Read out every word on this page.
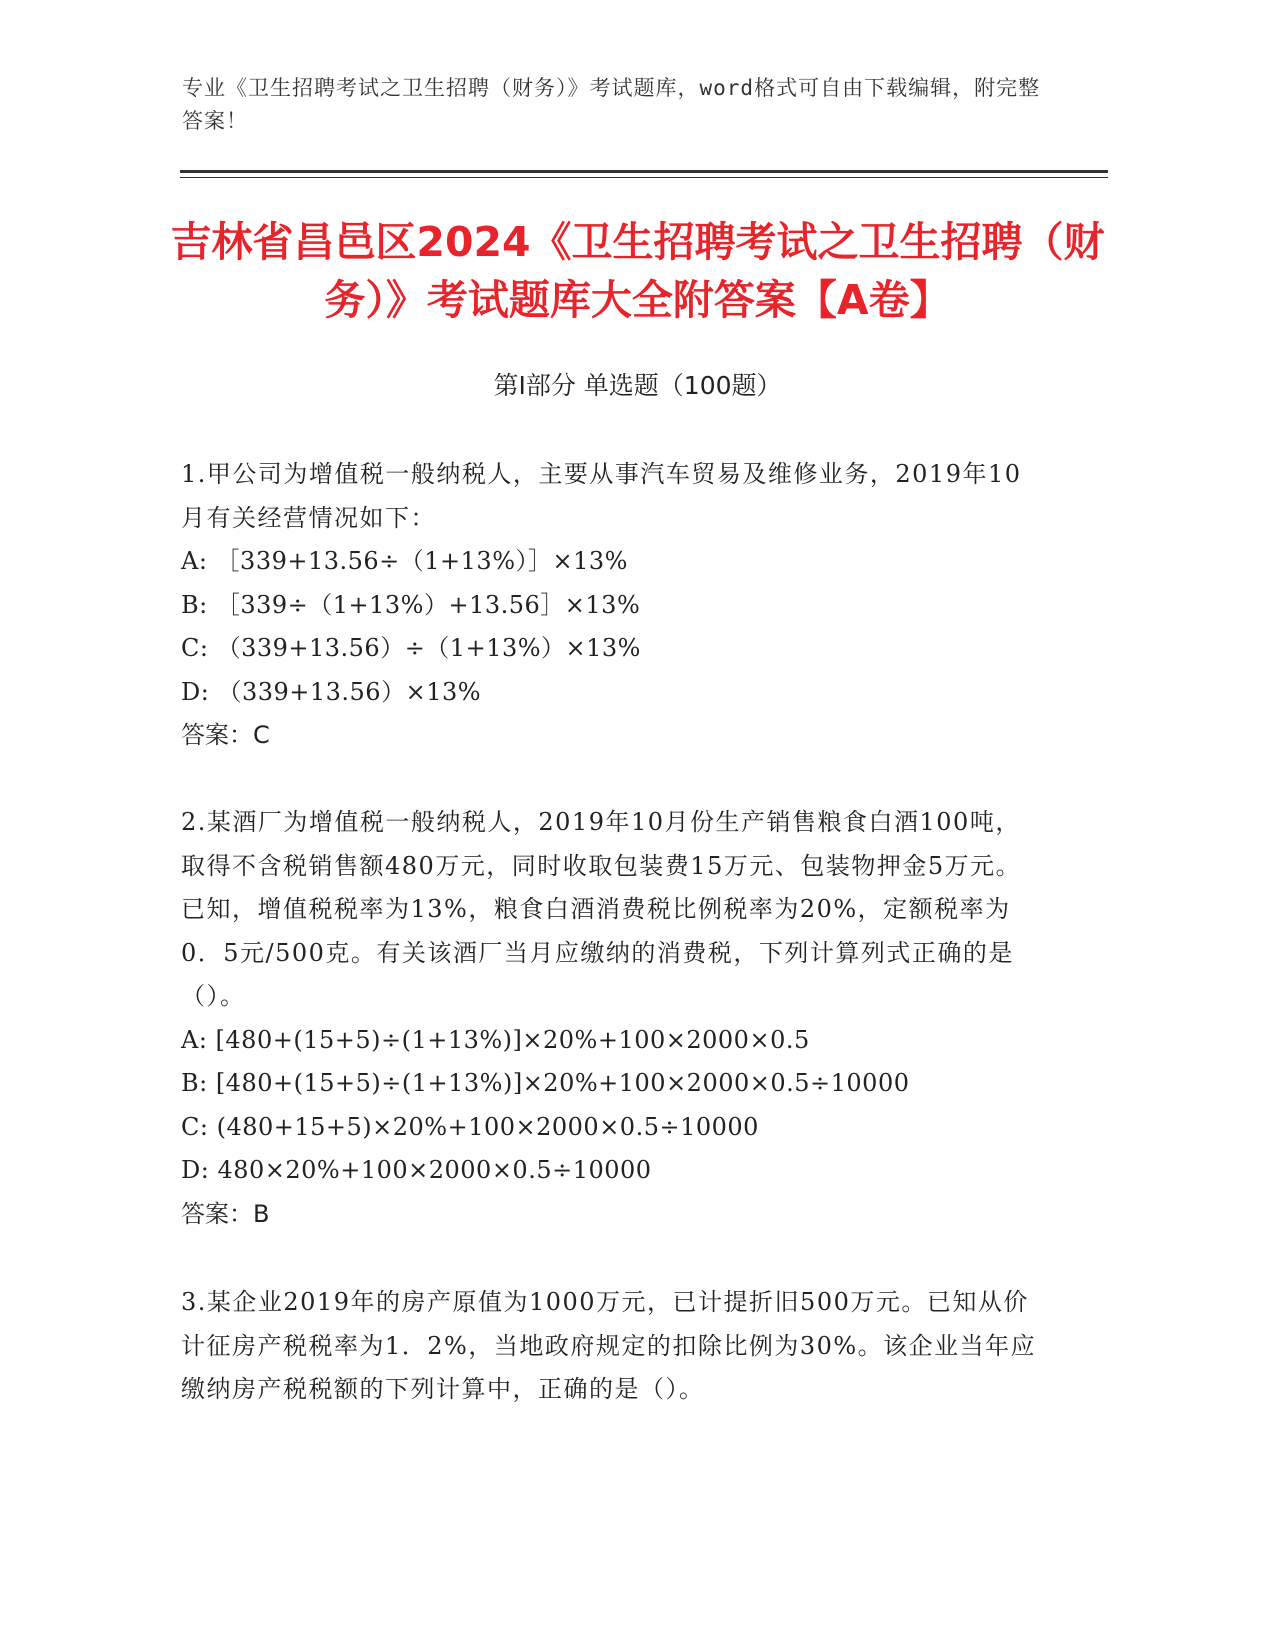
专业《卫生招聘考试之卫生招聘（财务）》考试题库，word格式可自由下载编辑，附完整答案！
吉林省昌邑区2024《卫生招聘考试之卫生招聘（财务）》考试题库大全附答案【A卷】
第Ⅰ部分 单选题（100题）

1.甲公司为增值税一般纳税人，主要从事汽车贸易及维修业务，2019年10月有关经营情况如下：

A: ［339+13.56÷（1+13%）］×13%

B: ［339÷（1+13%）+13.56］×13%

C: （339+13.56）÷（1+13%）×13%

D: （339+13.56）×13%

答案：C

2.某酒厂为增值税一般纳税人，2019年10月份生产销售粮食白酒100吨，取得不含税销售额480万元，同时收取包装费15万元、包装物押金5万元。已知，增值税税率为13%，粮食白酒消费税比例税率为20%，定额税率为0．5元/500克。有关该酒厂当月应缴纳的消费税，下列计算列式正确的是（）。

A: [480+(15+5)÷(1+13%)]×20%+100×2000×0.5

B: [480+(15+5)÷(1+13%)]×20%+100×2000×0.5÷10000

C: (480+15+5)×20%+100×2000×0.5÷10000

D: 480×20%+100×2000×0.5÷10000

答案：B

3.某企业2019年的房产原值为1000万元，已计提折旧500万元。已知从价计征房产税税率为1．2%，当地政府规定的扣除比例为30%。该企业当年应缴纳房产税税额的下列计算中，正确的是（）。
